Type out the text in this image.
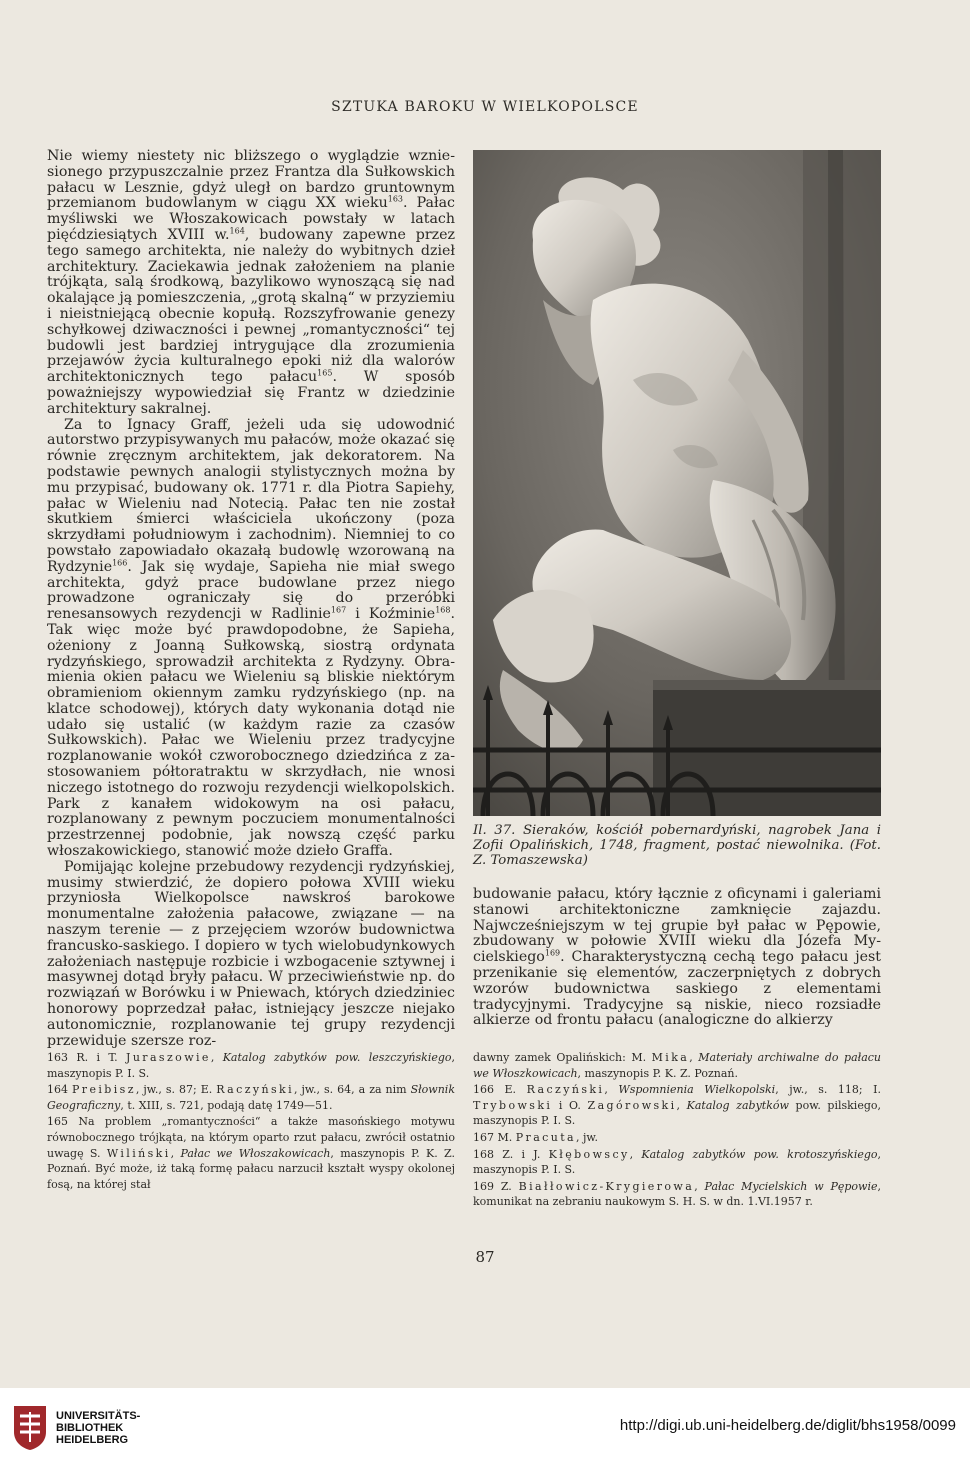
SZTUKA BAROKU W WIELKOPOLSCE

Nie wiemy niestety nic bliższego o wyglądzie wzniesionego przypuszczalnie przez Frantza dla Sułkowskich pałacu w Lesznie, gdyż uległ on bardzo gruntownym przemianom budowlanym w ciągu XX wieku$^{163}$. Pałac myśliwski we Włoszakowicach powstały w latach pięćdziesiątych XVIII w.$^{164}$, budowany zapewne przez tego samego architekta, nie należy do wybitnych dzieł architektury. Zaciekawia jednak założeniem na planie trójkąta, salą środkową, bazylikowo wynoszącą się nad okalające ją pomieszczenia, „grotą skalną“ w przyziemiu i nieistniejącą obecnie kopułą. Rozszyfrowanie genezy schyłkowej dziwaczności i pewnej „romantyczności“ tej budowli jest bardziej intrygujące dla zrozumienia przejawów życia kulturalnego epoki niż dla walorów architektonicznych tego pałacu$^{165}$. W sposób poważniejszy wypowiedział się Frantz w dziedzinie architektury sakralnej.

Za to Ignacy Graff, jeżeli uda się udowodnić autorstwo przypisywanych mu pałaców, może okazać się równie zręcznym architektem, jak dekoratorem. Na podstawie pewnych analogii stylistycznych można by mu przypisać, budowany ok. 1771 r. dla Piotra Sapiehy, pałac w Wieleniu nad Notecią. Pałac ten nie został skutkiem śmierci właściciela ukończony (poza skrzydłami południowym i zachodnim). Niemniej to co powstało zapowiadało okazałą budowlę wzorowaną na Rydzynie$^{166}$. Jak się wydaje, Sapieha nie miał swego architekta, gdyż prace budowlane przez niego prowadzone ograniczały się do przeróbki renesansowych rezydencji w Radlinie$^{167}$ i Koźminie$^{168}$. Tak więc może być prawdopodobne, że Sapieha, ożeniony z Joanną Sułkowską, siostrą ordynata rydzyńskiego, sprowadził architekta z Rydzyny. Obramienia okien pałacu we Wieleniu są bliskie niektórym obramieniom okiennym zamku rydzyńskiego (np. na klatce schodowej), których daty wykonania dotąd nie udało się ustalić (w każdym razie za czasów Sułkowskich). Pałac we Wieleniu przez tradycyjne rozplanowanie wokół czworobocznego dziedzińca z zastosowaniem półtoratraktu w skrzydłach, nie wnosi niczego istotnego do rozwoju rezydencji wielkopolskich. Park z kanałem widokowym na osi pałacu, rozplanowany z pewnym poczuciem monumentalności przestrzennej podobnie, jak nowszą część parku włoszakowickiego, stanowić może dzieło Graffa.

Pomijając kolejne przebudowy rezydencji rydzyńskiej, musimy stwierdzić, że dopiero połowa XVIII wieku przyniosła Wielkopolsce nawskroś barokowe monumentalne założenia pałacowe, związane — na naszym terenie — z przejęciem wzorów budownictwa francusko-saskiego. I dopiero w tych wielobudynkowych założeniach następuje rozbicie i wzbogacenie sztywnej i masywnej dotąd bryły pałacu. W przeciwieństwie np. do rozwiązań w Borówku i w Pniewach, których dziedziniec honorowy poprzedzał pałac, istniejący jeszcze niejako autonomicznie, rozplanowanie tej grupy rezydencji przewiduje szersze roz-

Il. 37. Sieraków, kościół pobernardyński, nagrobek Jana i Zofii Opalińskich, 1748, fragment, postać niewolnika. (Fot. Z. Tomaszewska)

budowanie pałacu, który łącznie z oficynami i galeriami stanowi architektoniczne zamknięcie zajazdu. Najwcześniejszym w tej grupie był pałac w Pępowie, zbudowany w połowie XVIII wieku dla Józefa Mycielskiego$^{169}$. Charakterystyczną cechą tego pałacu jest przenikanie się elementów, zaczerpniętych z dobrych wzorów budownictwa saskiego z elementami tradycyjnymi. Tradycyjne są niskie, nieco rozsiadłe alkierze od frontu pałacu (analogiczne do alkierzy

163 R. i T. Juraszowie, Katalog zabytków pow. leszczyńskiego, maszynopis P. I. S.
164 Preibisz, jw., s. 87; E. Raczyński, jw., s. 64, a za nim Słownik Geograficzny, t. XIII, s. 721, podają datę 1749—51.
165 Na problem „romantyczności“ a także masońskiego motywu równobocznego trójkąta, na którym oparto rzut pałacu, zwrócił ostatnio uwagę S. Wiliński, Pałac we Włoszakowicach, maszynopis P. K. Z. Poznań. Być może, iż taką formę pałacu narzucił kształt wyspy okolonej fosą, na której stał
dawny zamek Opalińskich: M. Mika, Materiały archiwalne do pałacu we Włoszkowicach, maszynopis P. K. Z. Poznań.
166 E. Raczyński, Wspomnienia Wielkopolski, jw., s. 118; I. Trybowski i O. Zagórowski, Katalog zabytków pow. pilskiego, maszynopis P. I. S.
167 M. Pracuta, jw.
168 Z. i J. Kłębowscy, Katalog zabytków pow. krotoszyńskiego, maszynopis P. I. S.
169 Z. Białłowicz-Krygierowa, Pałac Mycielskich w Pępowie, komunikat na zebraniu naukowym S. H. S. w dn. 1.VI.1957 r.
87
UNIVERSITÄTS-
BIBLIOTHEK
HEIDELBERG
http://digi.ub.uni-heidelberg.de/diglit/bhs1958/0099
